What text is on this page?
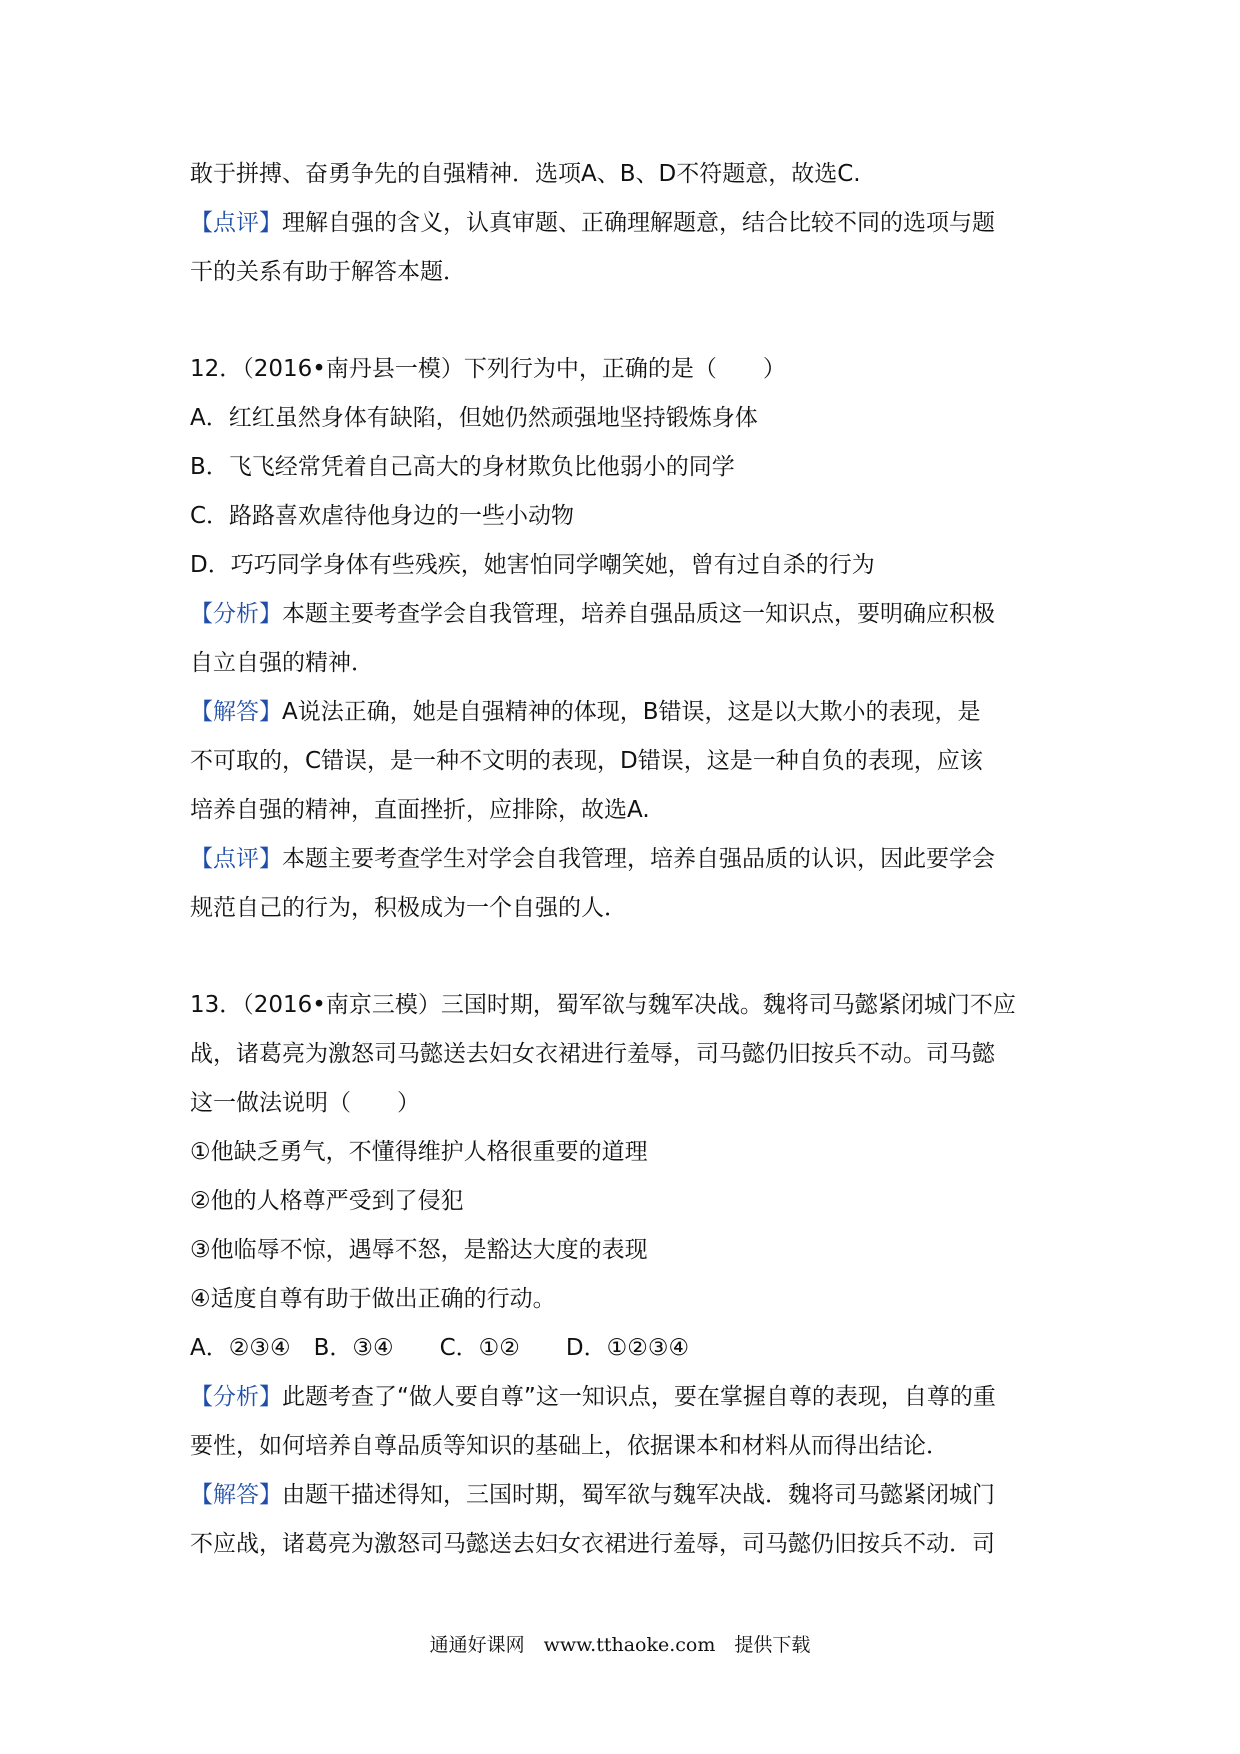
敢于拼搏、奋勇争先的自强精神．选项A、B、D不符题意，故选C.
【点评】理解自强的含义，认真审题、正确理解题意，结合比较不同的选项与题
干的关系有助于解答本题．
12．（2016•南丹县一模）下列行为中，正确的是（　　）
A．红红虽然身体有缺陷，但她仍然顽强地坚持锻炼身体
B．飞飞经常凭着自己高大的身材欺负比他弱小的同学
C．路路喜欢虐待他身边的一些小动物
D．巧巧同学身体有些残疾，她害怕同学嘲笑她，曾有过自杀的行为
【分析】本题主要考查学会自我管理，培养自强品质这一知识点，要明确应积极
自立自强的精神．
【解答】A说法正确，她是自强精神的体现，B错误，这是以大欺小的表现，是
不可取的，C错误，是一种不文明的表现，D错误，这是一种自负的表现，应该
培养自强的精神，直面挫折，应排除，故选A.
【点评】本题主要考查学生对学会自我管理，培养自强品质的认识，因此要学会
规范自己的行为，积极成为一个自强的人．
13．（2016•南京三模）三国时期，蜀军欲与魏军决战。魏将司马懿紧闭城门不应
战，诸葛亮为激怒司马懿送去妇女衣裙进行羞辱，司马懿仍旧按兵不动。司马懿
这一做法说明（　　）
①他缺乏勇气，不懂得维护人格很重要的道理
②他的人格尊严受到了侵犯
③他临辱不惊，遇辱不怒，是豁达大度的表现
④适度自尊有助于做出正确的行动。
A．②③④　B．③④　　C．①②　　D．①②③④
【分析】此题考查了“做人要自尊”这一知识点，要在掌握自尊的表现，自尊的重
要性，如何培养自尊品质等知识的基础上，依据课本和材料从而得出结论．
【解答】由题干描述得知，三国时期，蜀军欲与魏军决战．魏将司马懿紧闭城门
不应战，诸葛亮为激怒司马懿送去妇女衣裙进行羞辱，司马懿仍旧按兵不动．司
通通好课网　www.tthaoke.com　提供下载
